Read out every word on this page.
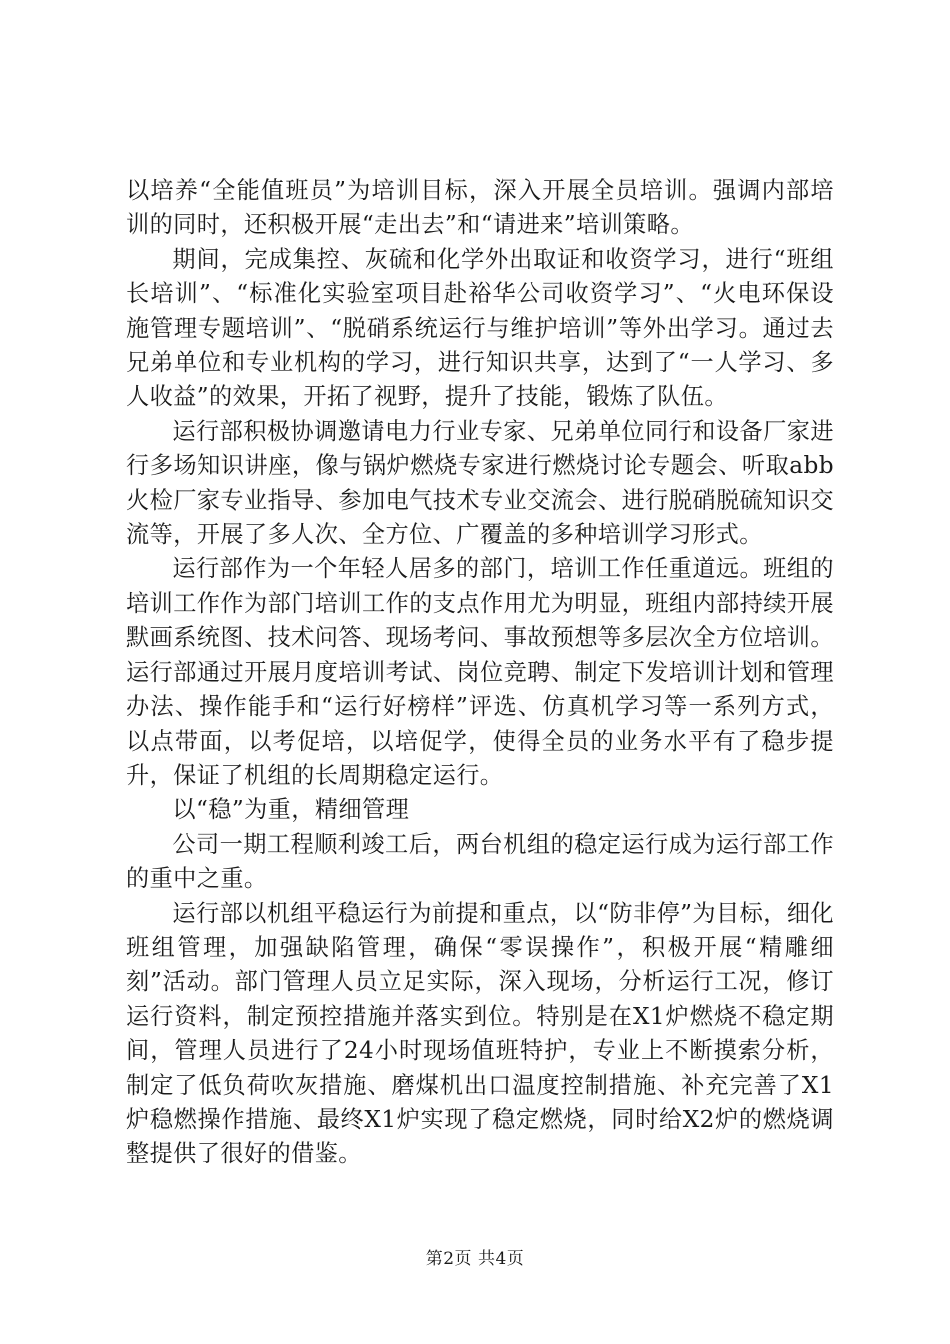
以培养“全能值班员”为培训目标，深入开展全员培训。强调内部培训的同时，还积极开展“走出去”和“请进来”培训策略。

期间，完成集控、灰硫和化学外出取证和收资学习，进行“班组长培训”、“标准化实验室项目赴裕华公司收资学习”、“火电环保设施管理专题培训”、“脱硝系统运行与维护培训”等外出学习。通过去兄弟单位和专业机构的学习，进行知识共享，达到了“一人学习、多人收益”的效果，开拓了视野，提升了技能，锻炼了队伍。

运行部积极协调邀请电力行业专家、兄弟单位同行和设备厂家进行多场知识讲座，像与锅炉燃烧专家进行燃烧讨论专题会、听取abb火检厂家专业指导、参加电气技术专业交流会、进行脱硝脱硫知识交流等，开展了多人次、全方位、广覆盖的多种培训学习形式。

运行部作为一个年轻人居多的部门，培训工作任重道远。班组的培训工作作为部门培训工作的支点作用尤为明显，班组内部持续开展默画系统图、技术问答、现场考问、事故预想等多层次全方位培训。运行部通过开展月度培训考试、岗位竞聘、制定下发培训计划和管理办法、操作能手和“运行好榜样”评选、仿真机学习等一系列方式，以点带面，以考促培，以培促学，使得全员的业务水平有了稳步提升，保证了机组的长周期稳定运行。

以“稳”为重，精细管理

公司一期工程顺利竣工后，两台机组的稳定运行成为运行部工作的重中之重。

运行部以机组平稳运行为前提和重点，以“防非停”为目标，细化班组管理，加强缺陷管理，确保“零误操作”，积极开展“精雕细刻”活动。部门管理人员立足实际，深入现场，分析运行工况，修订运行资料，制定预控措施并落实到位。特别是在X1炉燃烧不稳定期间，管理人员进行了24小时现场值班特护，专业上不断摸索分析，制定了低负荷吹灰措施、磨煤机出口温度控制措施、补充完善了X1炉稳燃操作措施、最终X1炉实现了稳定燃烧，同时给X2炉的燃烧调整提供了很好的借鉴。

第2页 共4页
